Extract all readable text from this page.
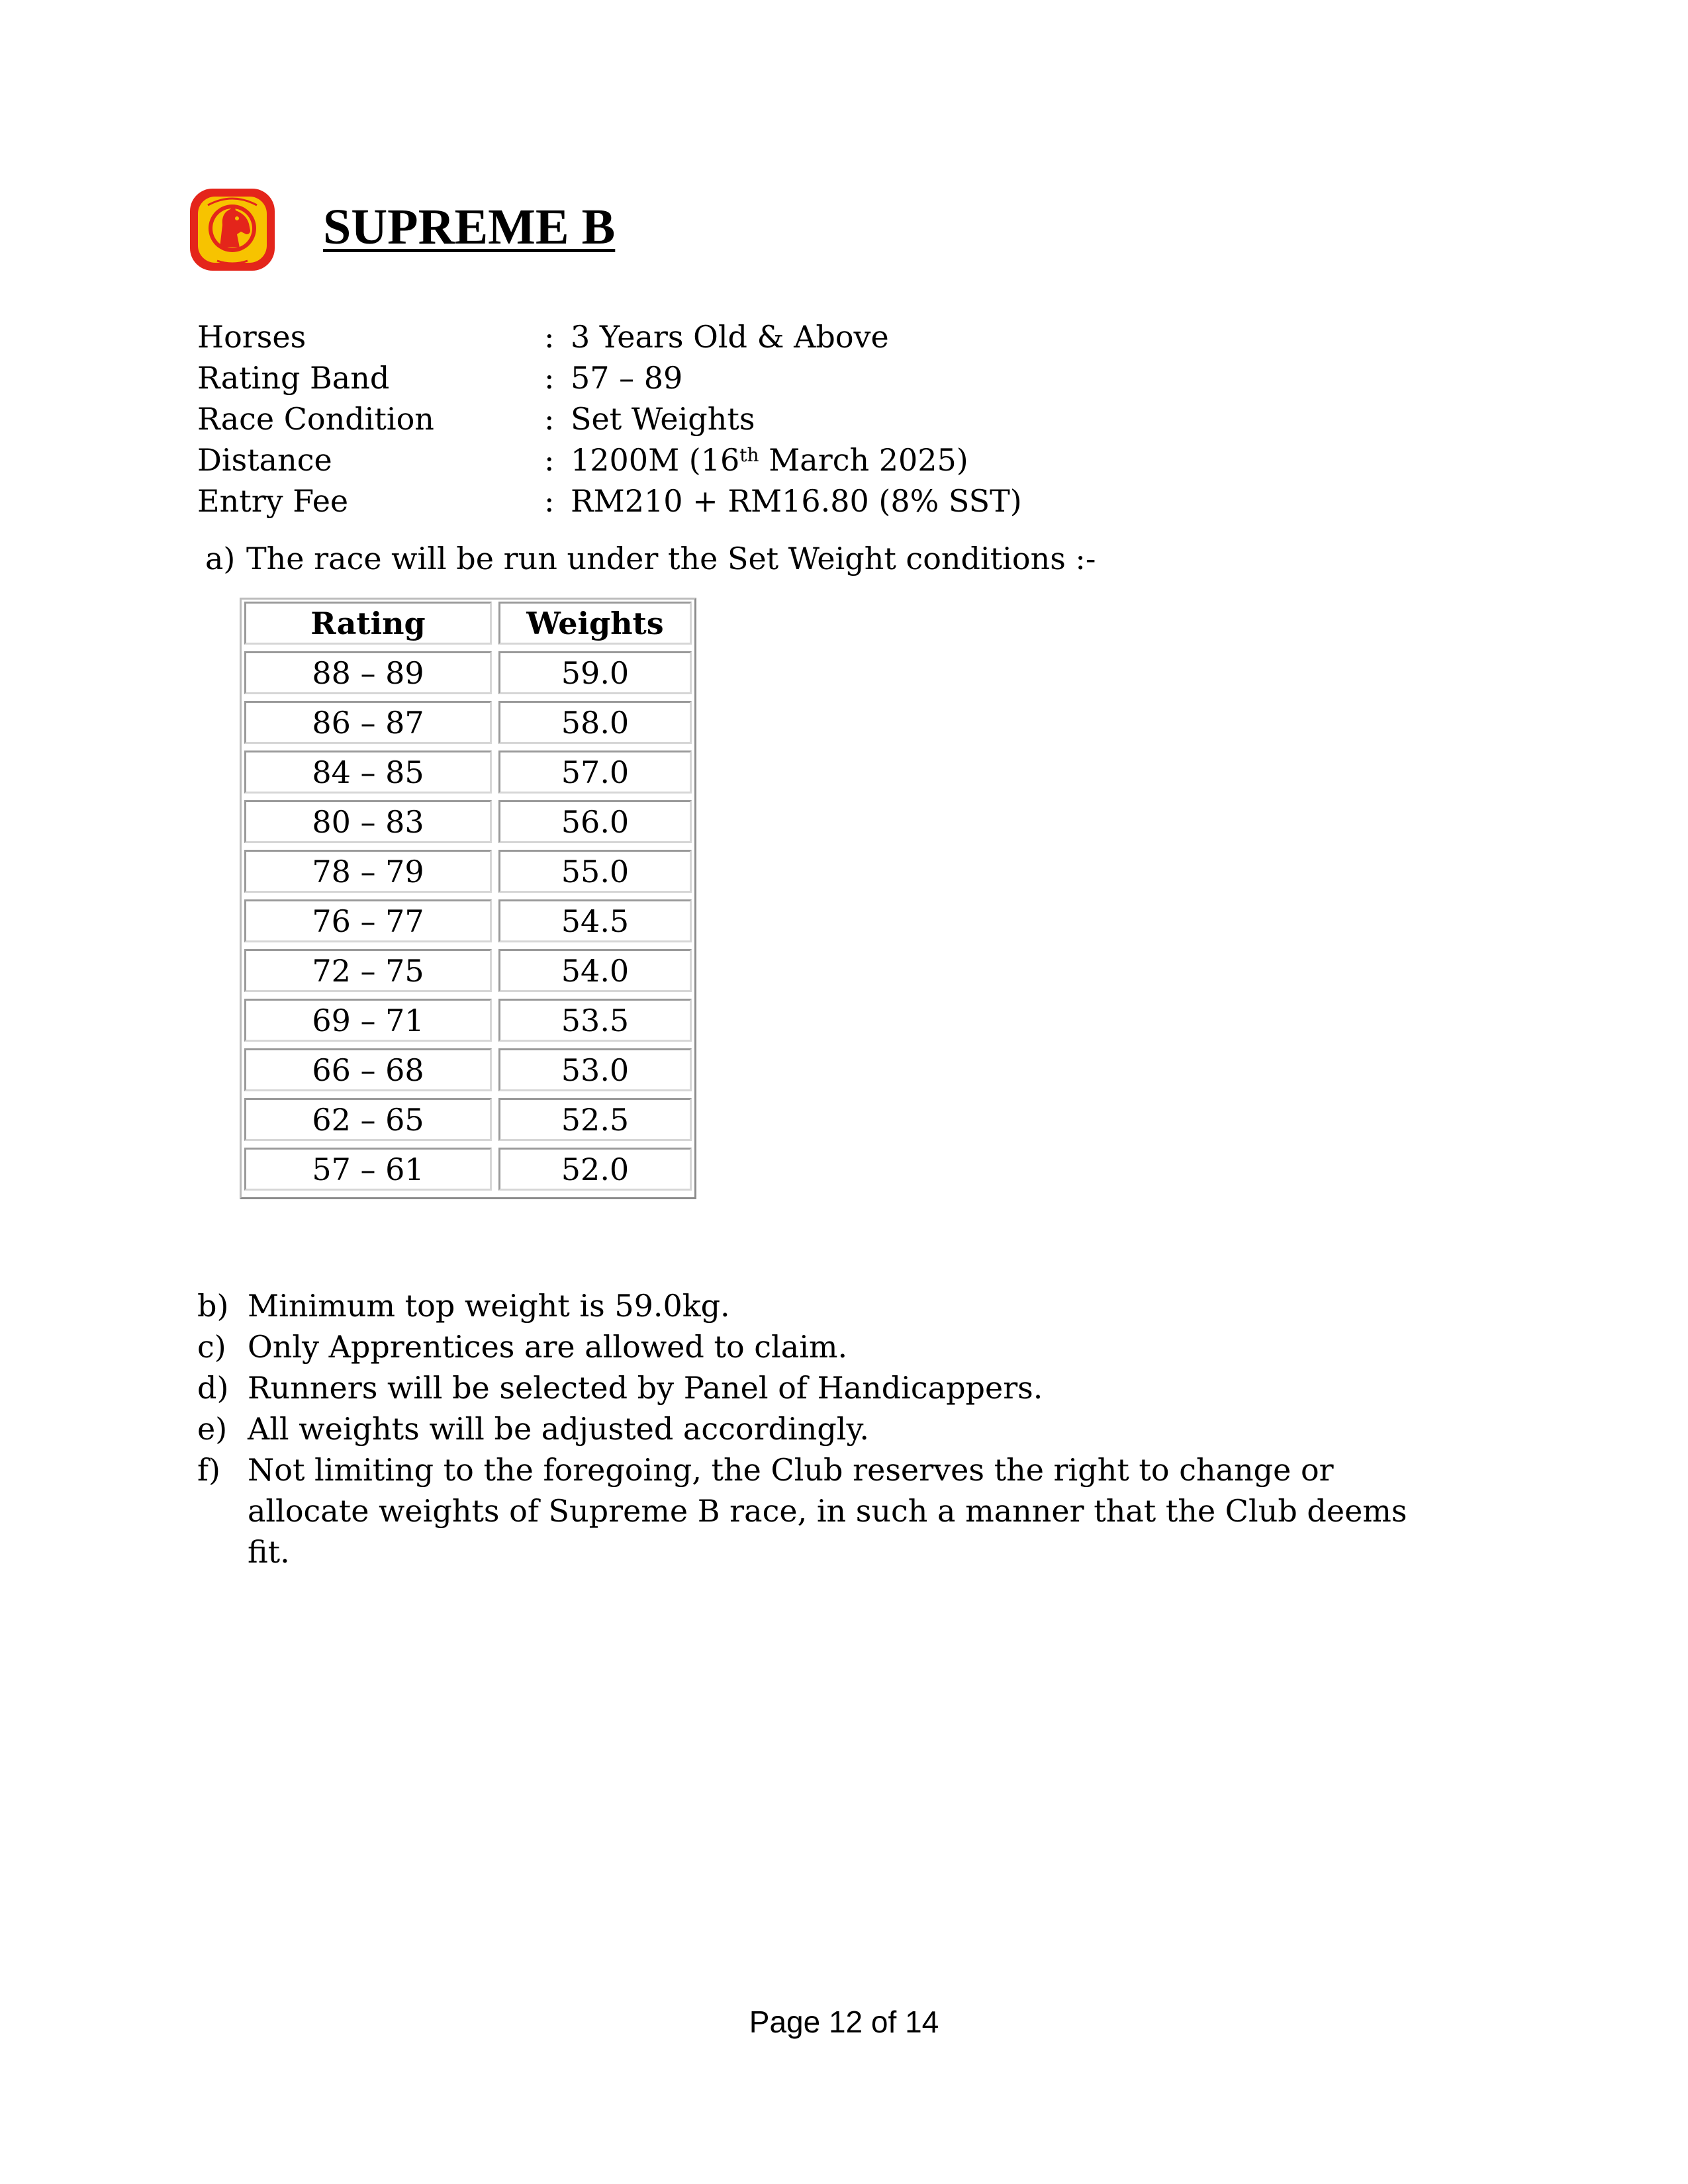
SUPREME B
Horses	: 3 Years Old & Above
Rating Band	: 57 – 89
Race Condition	: Set Weights
Distance	: 1200M (16th March 2025)
Entry Fee	: RM210 + RM16.80 (8% SST)
a) The race will be run under the Set Weight conditions :-
Rating	Weights
88 – 89	59.0
86 – 87	58.0
84 – 85	57.0
80 – 83	56.0
78 – 79	55.0
76 – 77	54.5
72 – 75	54.0
69 – 71	53.5
66 – 68	53.0
62 – 65	52.5
57 – 61	52.0
b) Minimum top weight is 59.0kg.
c) Only Apprentices are allowed to claim.
d) Runners will be selected by Panel of Handicappers.
e) All weights will be adjusted accordingly.
f) Not limiting to the foregoing, the Club reserves the right to change or allocate weights of Supreme B race, in such a manner that the Club deems fit.
Page 12 of 14
